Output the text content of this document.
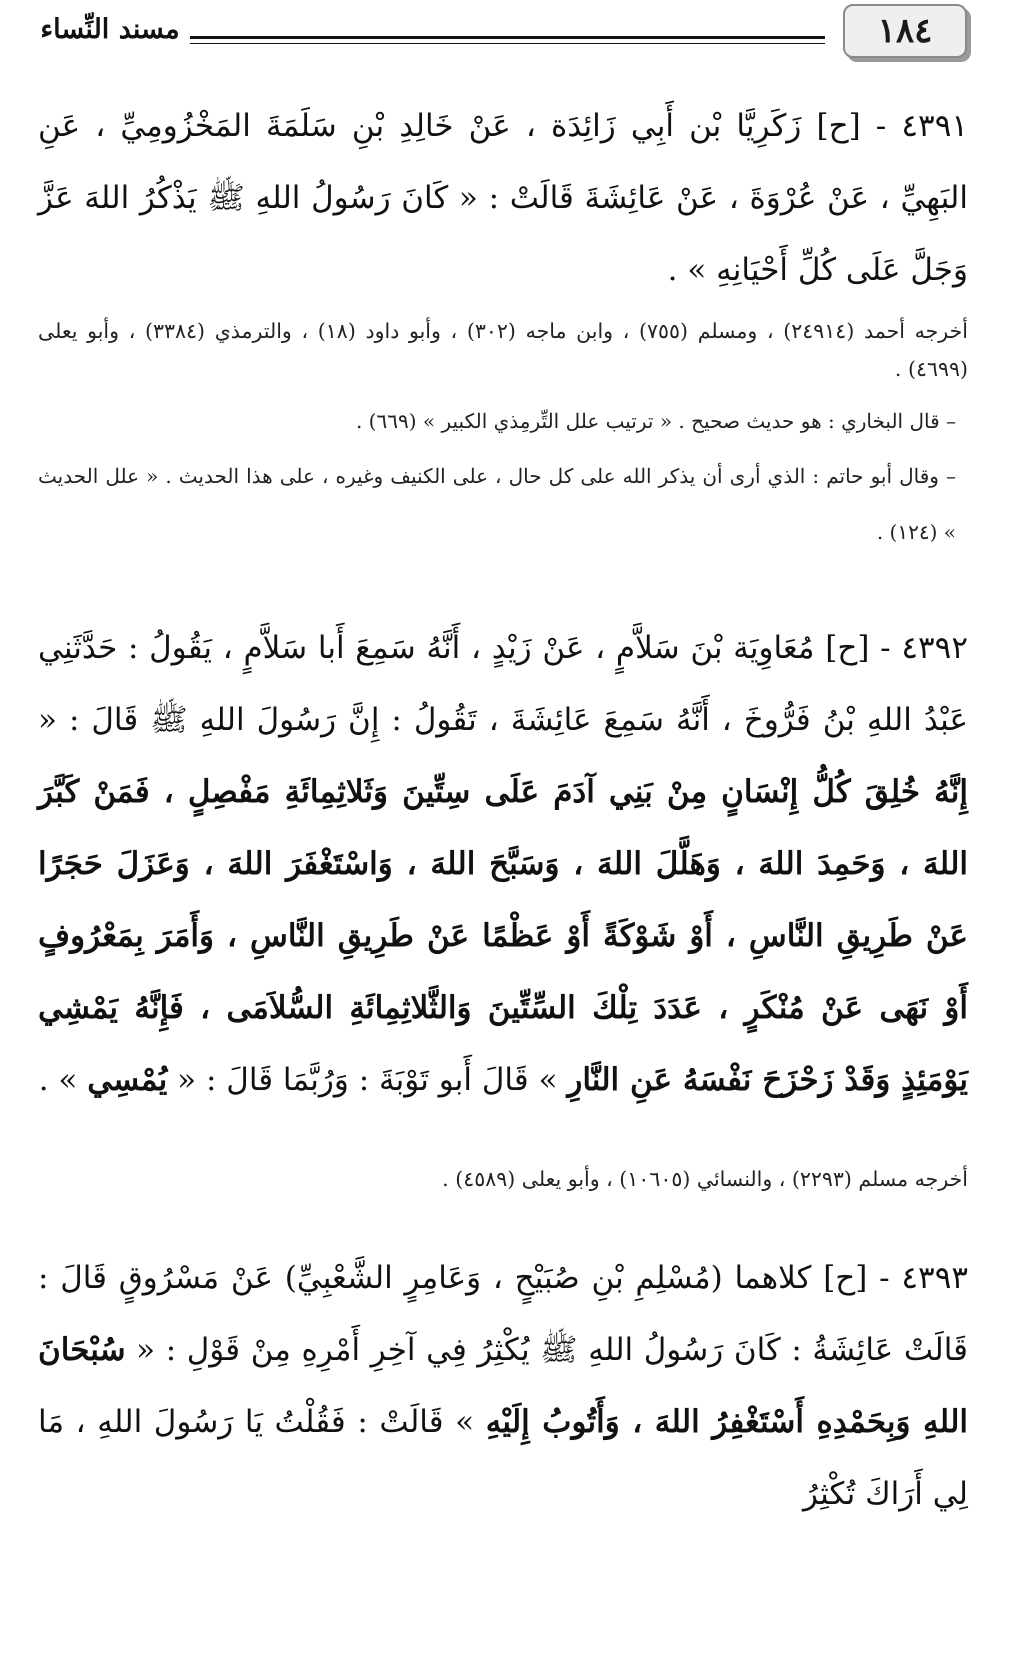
١٨٤
مسند النِّساء

٤٣٩١ - [ح] زَكَرِيَّا بْن أَبِي زَائِدَة ، عَنْ خَالِدِ بْنِ سَلَمَةَ المَخْزُومِيِّ ، عَنِ البَهِيِّ ، عَنْ عُرْوَةَ ، عَنْ عَائِشَةَ قَالَتْ : « كَانَ رَسُولُ اللهِ ﷺ يَذْكُرُ اللهَ عَزَّ وَجَلَّ عَلَى كُلِّ أَحْيَانِهِ » .

أخرجه أحمد (٢٤٩١٤) ، ومسلم (٧٥٥) ، وابن ماجه (٣٠٢) ، وأبو داود (١٨) ، والترمذي (٣٣٨٤) ، وأبو يعلى (٤٦٩٩) .

– قال البخاري : هو حديث صحيح . « ترتيب علل التِّرمِذي الكبير » (٦٦٩) .

– وقال أبو حاتم : الذي أرى أن يذكر الله على كل حال ، على الكنيف وغيره ، على هذا الحديث . « علل الحديث » (١٢٤) .

٤٣٩٢ - [ح] مُعَاوِيَة بْنَ سَلاَّمٍ ، عَنْ زَيْدٍ ، أَنَّهُ سَمِعَ أَبا سَلاَّمٍ ، يَقُولُ : حَدَّثَنِي عَبْدُ اللهِ بْنُ فَرُّوخَ ، أَنَّهُ سَمِعَ عَائِشَةَ ، تَقُولُ : إِنَّ رَسُولَ اللهِ ﷺ قَالَ : « إِنَّهُ خُلِقَ كُلُّ إِنْسَانٍ مِنْ بَنِي آدَمَ عَلَى سِتِّينَ وَثَلاثِمِائَةِ مَفْصِلٍ ، فَمَنْ كَبَّرَ اللهَ ، وَحَمِدَ اللهَ ، وَهَلَّلَ اللهَ ، وَسَبَّحَ اللهَ ، وَاسْتَغْفَرَ اللهَ ، وَعَزَلَ حَجَرًا عَنْ طَرِيقِ النَّاسِ ، أَوْ شَوْكَةً أَوْ عَظْمًا عَنْ طَرِيقِ النَّاسِ ، وَأَمَرَ بِمَعْرُوفٍ أَوْ نَهَى عَنْ مُنْكَرٍ ، عَدَدَ تِلْكَ السِّتِّينَ وَالثَّلاثِمِائَةِ السُّلاَمَى ، فَإِنَّهُ يَمْشِي يَوْمَئِذٍ وَقَدْ زَحْزَحَ نَفْسَهُ عَنِ النَّارِ » قَالَ أَبو تَوْبَةَ : وَرُبَّمَا قَالَ : « يُمْسِي » .

أخرجه مسلم (٢٢٩٣) ، والنسائي (١٠٦٠٥) ، وأبو يعلى (٤٥٨٩) .

٤٣٩٣ - [ح] كلاهما (مُسْلِمِ بْنِ صُبَيْحٍ ، وَعَامِرٍ الشَّعْبِيِّ) عَنْ مَسْرُوقٍ قَالَ : قَالَتْ عَائِشَةُ : كَانَ رَسُولُ اللهِ ﷺ يُكْثِرُ فِي آخِرِ أَمْرِهِ مِنْ قَوْلِ : « سُبْحَانَ اللهِ وَبِحَمْدِهِ أَسْتَغْفِرُ اللهَ ، وَأَتُوبُ إِلَيْهِ » قَالَتْ : فَقُلْتُ يَا رَسُولَ اللهِ ، مَا لِي أَرَاكَ تُكْثِرُ
